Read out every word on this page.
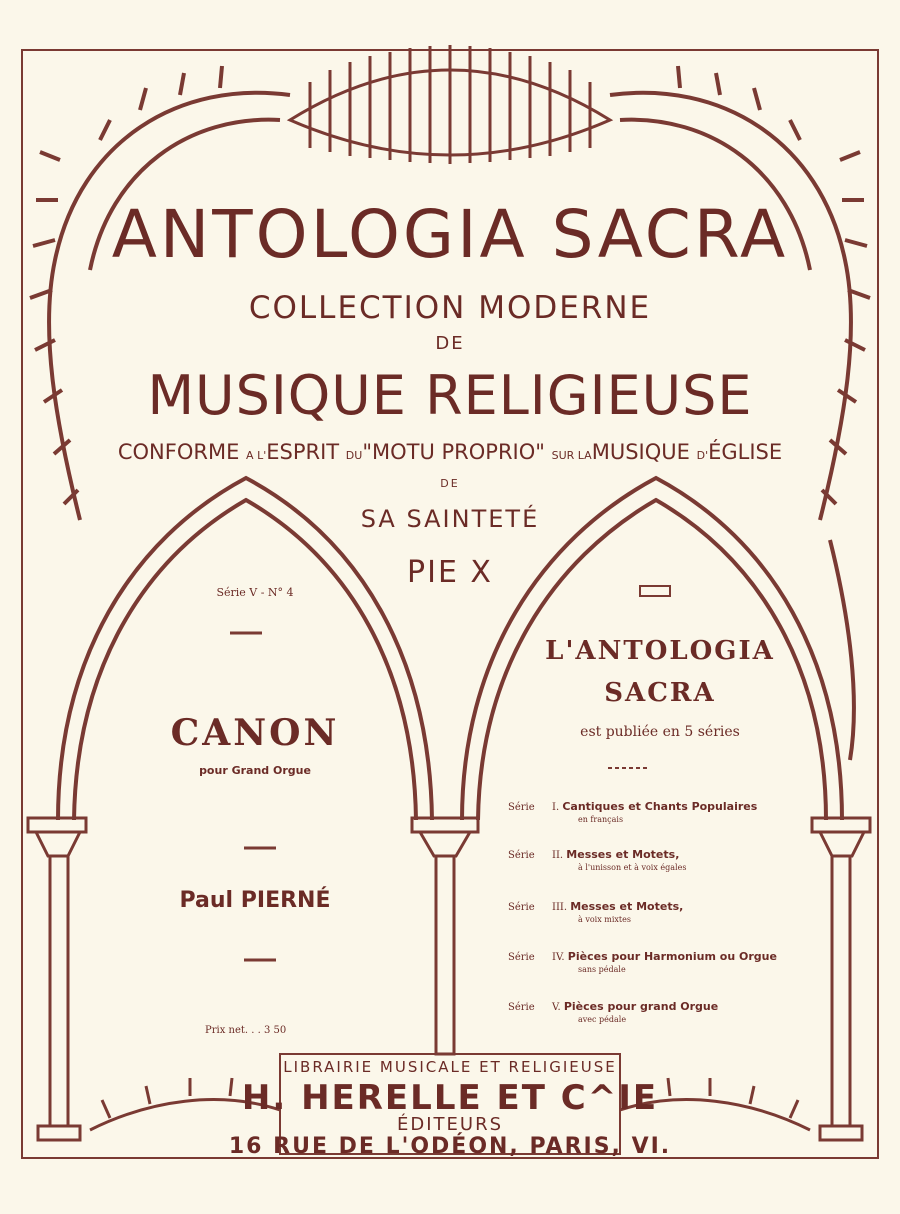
ANTOLOGIA SACRA
COLLECTION MODERNE
DE
MUSIQUE RELIGIEUSE
CONFORME A L'ESPRIT DU"MOTU PROPRIO" SUR LAMUSIQUE D'ÉGLISE
DE
SA SAINTETÉ
PIE X
Série V - N° 4
CANON
pour Grand Orgue
Paul PIERNÉ
Prix net. . . 3 50
L'ANTOLOGIA
SACRA
est publiée en 5 séries
Série I. Cantiques et Chants Populaires
en français
Série II. Messes et Motets,
à l'unisson et à voix égales
Série III. Messes et Motets,
à voix mixtes
Série IV. Pièces pour Harmonium ou Orgue
sans pédale
Série V. Pièces pour grand Orgue
avec pédale
LIBRAIRIE MUSICALE ET RELIGIEUSE
H. HERELLE ET C^IE
ÉDITEURS
16 RUE DE L'ODÉON, PARIS, VI.
